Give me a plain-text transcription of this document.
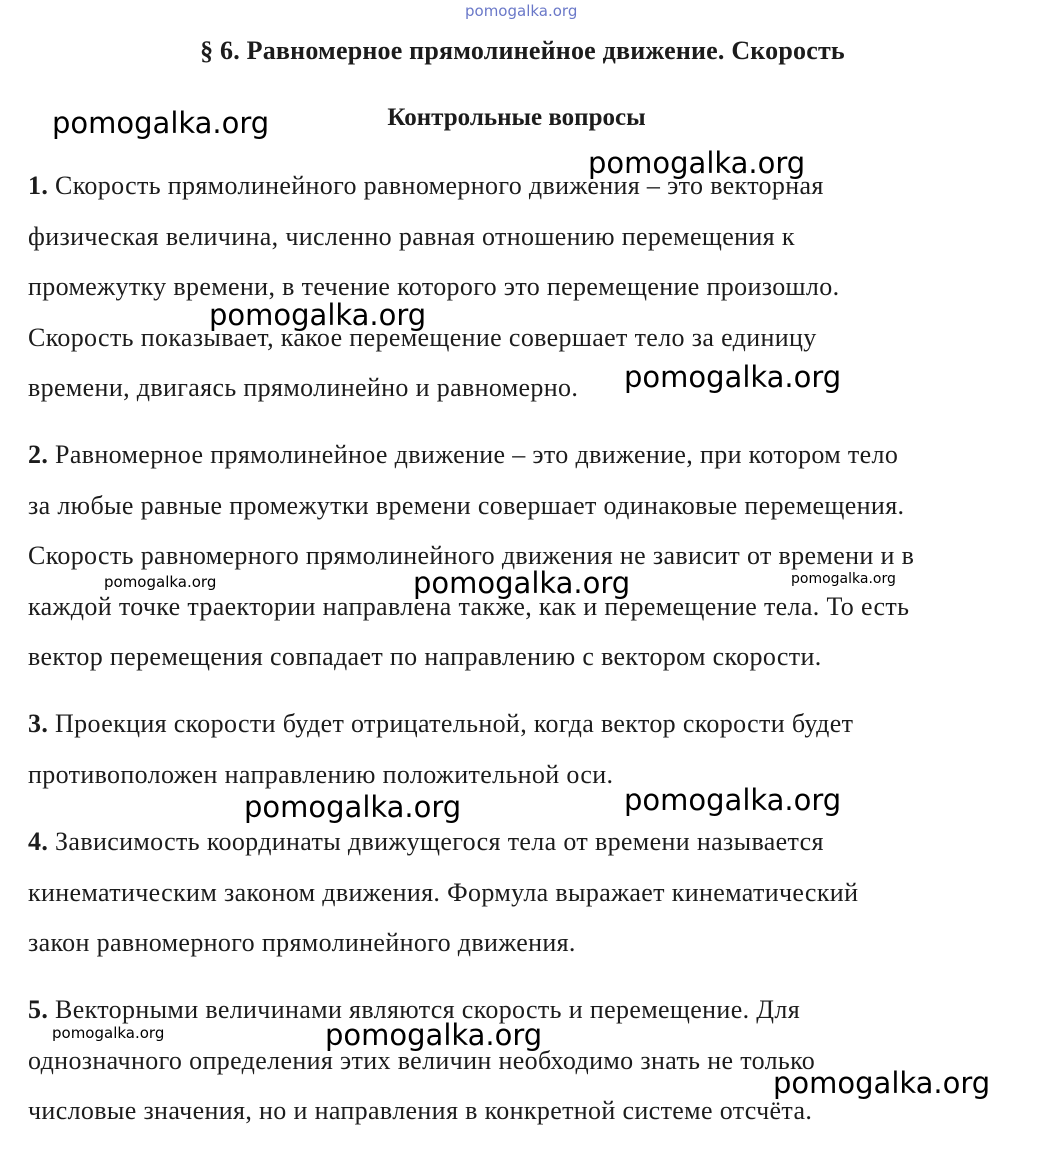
pomogalka.org
§ 6. Равномерное прямолинейное движение. Скорость
Контрольные вопросы

1. Скорость прямолинейного равномерного движения – это векторная
физическая величина, численно равная отношению перемещения к
промежутку времени, в течение которого это перемещение произошло.
Скорость показывает, какое перемещение совершает тело за единицу
времени, двигаясь прямолинейно и равномерно.

2. Равномерное прямолинейное движение – это движение, при котором тело
за любые равные промежутки времени совершает одинаковые перемещения.
Скорость равномерного прямолинейного движения не зависит от времени и в
каждой точке траектории направлена также, как и перемещение тела. То есть
вектор перемещения совпадает по направлению с вектором скорости.

3. Проекция скорости будет отрицательной, когда вектор скорости будет
противоположен направлению положительной оси.

4. Зависимость координаты движущегося тела от времени называется
кинематическим законом движения. Формула выражает кинематический
закон равномерного прямолинейного движения.

5. Векторными величинами являются скорость и перемещение. Для
однозначного определения этих величин необходимо знать не только
числовые значения, но и направления в конкретной системе отсчёта.

pomogalka.org
pomogalka.org
pomogalka.org
pomogalka.org
pomogalka.org	pomogalka.org	pomogalka.org
pomogalka.org	pomogalka.org
pomogalka.org	pomogalka.org
pomogalka.org
